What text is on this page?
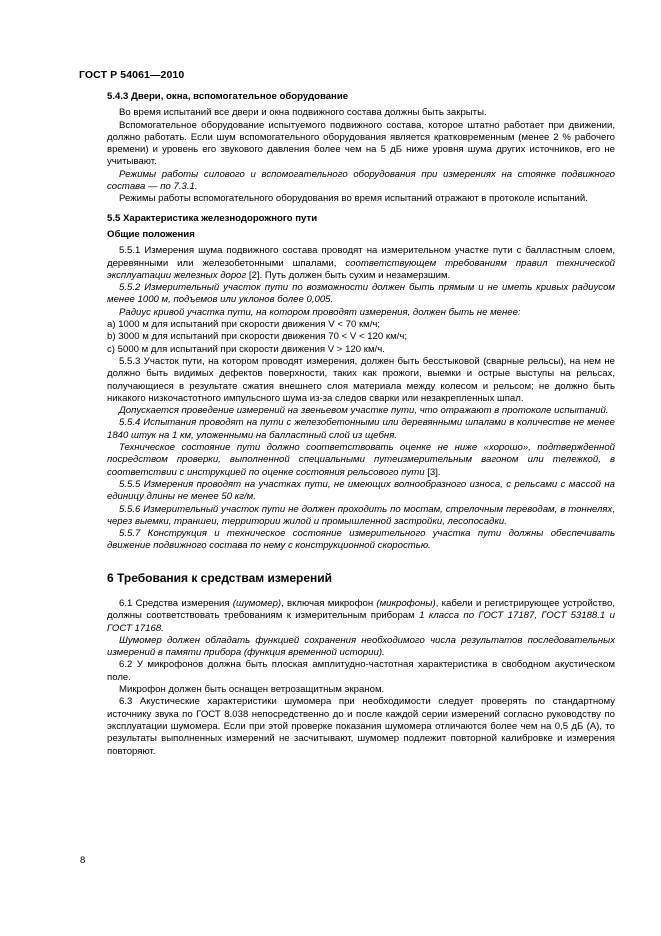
ГОСТ Р 54061—2010

5.4.3 Двери, окна, вспомогательное оборудование

Во время испытаний все двери и окна подвижного состава должны быть закрыты.

Вспомогательное оборудование испытуемого подвижного состава, которое штатно работает при движении, должно работать. Если шум вспомогательного оборудования является кратковременным (менее 2 % рабочего времени) и уровень его звукового давления более чем на 5 дБ ниже уровня шума других источников, его не учитывают.

Режимы работы силового и вспомогательного оборудования при измерениях на стоянке подвижного состава — по 7.3.1.

Режимы работы вспомогательного оборудования во время испытаний отражают в протоколе испытаний.

5.5 Характеристика железнодорожного пути

Общие положения

5.5.1 Измерения шума подвижного состава проводят на измерительном участке пути с балластным слоем, деревянными или железобетонными шпалами, соответствующем требованиям правил технической эксплуатации железных дорог [2]. Путь должен быть сухим и незамерзшим.

5.5.2 Измерительный участок пути по возможности должен быть прямым и не иметь кривых радиусом менее 1000 м, подъемов или уклонов более 0,005.

Радиус кривой участка пути, на котором проводят измерения, должен быть не менее:

a) 1000 м для испытаний при скорости движения V < 70 км/ч;

b) 3000 м для испытаний при скорости движения 70 < V < 120 км/ч;

c) 5000 м для испытаний при скорости движения V > 120 км/ч.

5.5.3 Участок пути, на котором проводят измерения, должен быть бесстыковой (сварные рельсы), на нем не должно быть видимых дефектов поверхности, таких как прожоги, выемки и острые выступы на рельсах, получающиеся в результате сжатия внешнего слоя материала между колесом и рельсом; не должно быть никакого низкочастотного импульсного шума из-за следов сварки или незакрепленных шпал.

Допускается проведение измерений на звеньевом участке пути, что отражают в протоколе испытаний.

5.5.4 Испытания проводят на пути с железобетонными или деревянными шпалами в количестве не менее 1840 штук на 1 км, уложенными на балластный слой из щебня.

Техническое состояние пути должно соответствовать оценке не ниже «хорошо», подтвержденной посредством проверки, выполненной специальными путеизмерительным вагоном или тележкой, в соответствии с инструкцией по оценке состояния рельсового пути [3].

5.5.5 Измерения проводят на участках пути, не имеющих волнообразного износа, с рельсами с массой на единицу длины не менее 50 кг/м.

5.5.6 Измерительный участок пути не должен проходить по мостам, стрелочным переводам, в тоннелях, через выемки, траншеи, территории жилой и промышленной застройки, лесопосадки.

5.5.7 Конструкция и техническое состояние измерительного участка пути должны обеспечивать движение подвижного состава по нему с конструкционной скоростью.

6 Требования к средствам измерений

6.1 Средства измерения (шумомер), включая микрофон (микрофоны), кабели и регистрирующее устройство, должны соответствовать требованиям к измерительным приборам 1 класса по ГОСТ 17187, ГОСТ 53188.1 и ГОСТ 17168.

Шумомер должен обладать функцией сохранения необходимого числа результатов последовательных измерений в памяти прибора (функция временной истории).

6.2 У микрофонов должна быть плоская амплитудно-частотная характеристика в свободном акустическом поле.

Микрофон должен быть оснащен ветрозащитным экраном.

6.3 Акустические характеристики шумомера при необходимости следует проверять по стандартному источнику звука по ГОСТ 8.038 непосредственно до и после каждой серии измерений согласно руководству по эксплуатации шумомера. Если при этой проверке показания шумомера отличаются более чем на 0,5 дБ (А), то результаты выполненных измерений не засчитывают, шумомер подлежит повторной калибровке и измерения повторяют.

8
